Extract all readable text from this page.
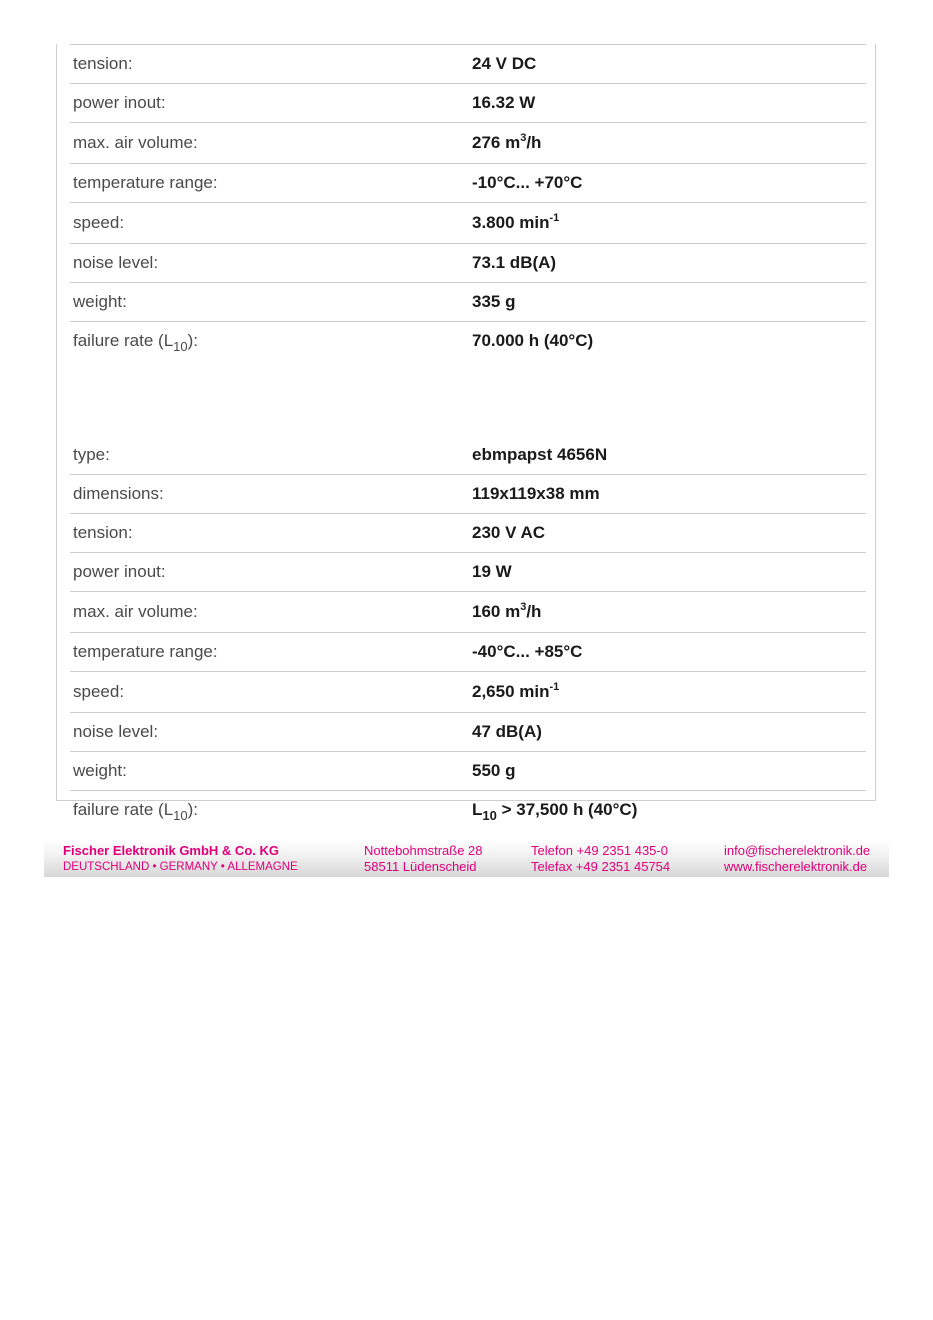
tension:	24 V DC
power inout:	16.32 W
max. air volume:	276 $m^3/h$
temperature range:	-10°C... +70°C
speed:	3.800 $\min^{-1}$
noise level:	73.1 dB(A)
weight:	335 g
failure rate $(L_{10})$:	70.000 h (40°C)
type:	ebmpapst 4656N
dimensions:	119x119x38 mm
tension:	230 V AC
power inout:	19 W
max. air volume:	160 $m^3/h$
temperature range:	-40°C... +85°C
speed:	2,650 $\min^{-1}$
noise level:	47 dB(A)
weight:	550 g
failure rate $(L_{10})$:	$L_{10} > 37,500$ h (40°C)
Fischer Elektronik GmbH & Co. KG
DEUTSCHLAND • GERMANY • ALLEMAGNE
Nottebohmstraße 28
58511 Lüdenscheid
Telefon +49 2351 435-0
Telefax +49 2351 45754
info@fischerelektronik.de
www.fischerelektronik.de
